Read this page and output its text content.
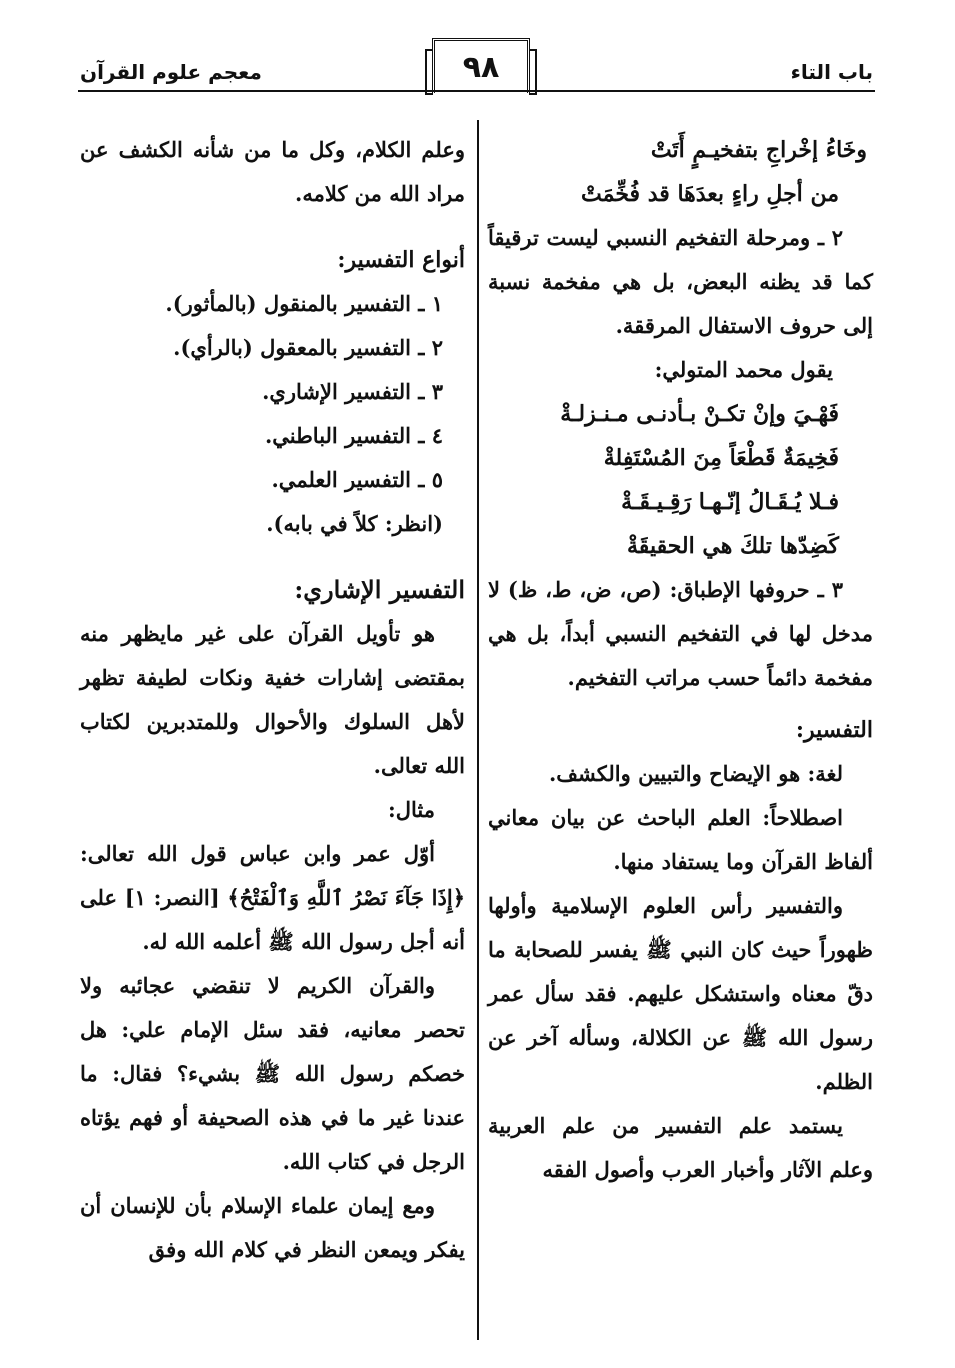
باب التاء
٩٨
معجم علوم القرآن

وخَاءُ إخْراجِ بتفخيـمٍ أَتَتْ

من أجلِ راءٍ بعدَهَا قد فُخِّمَتْ

٢ ـ ومرحلة التفخيم النسبي ليست ترقيقاً كما قد يظنه البعض، بل هي مفخمة نسبة إلى حروف الاستفال المرققة.

يقول محمد المتولي:

فَهْـيَ وإنْ تكـنْ بـأدنـى مـنـزلـةْ

فَخِيمَةٌ قَطْعَاً مِنَ المُسْتَفِلةْ

فـلا يُـقَـالُ إنّـهـا رَقِـيـقَـةْ

كَضِدّها تلكَ هي الحقيقَةْ

٣ ـ حروفها الإطباق: (ص، ض، ط، ظ) لا مدخل لها في التفخيم النسبي أبداً، بل هي مفخمة دائماً حسب مراتب التفخيم.

التفسير:

لغة: هو الإيضاح والتبيين والكشف.

اصطلاحاً: العلم الباحث عن بيان معاني ألفاظ القرآن وما يستفاد منها.

والتفسير رأس العلوم الإسلامية وأولها ظهوراً حيث كان النبي ﷺ يفسر للصحابة ما دقّ معناه واستشكل عليهم. فقد سأل عمر رسول الله ﷺ عن الكلالة، وسأله آخر عن الظلم.

يستمد علم التفسير من علم العربية وعلم الآثار وأخبار العرب وأصول الفقه

وعلم الكلام، وكل ما من شأنه الكشف عن مراد الله من كلامه.

أنواع التفسير:

١ ـ التفسير بالمنقول (بالمأثور).

٢ ـ التفسير بالمعقول (بالرأي).

٣ ـ التفسير الإشاري.

٤ ـ التفسير الباطني.

٥ ـ التفسير العلمي.

(انظر: كلاً في بابه).

التفسير الإشاري:

هو تأويل القرآن على غير مايظهر منه بمقتضى إشارات خفية ونكات لطيفة تظهر لأهل السلوك والأحوال وللمتدبرين لكتاب الله تعالى.

مثال:

أوّل عمر وابن عباس قول الله تعالى: ﴿إِذَا جَآءَ نَصْرُ ٱللَّهِ وَٱلْفَتْحُ﴾ [النصر: ١] على أنه أجل رسول الله ﷺ أعلمه الله له.

والقرآن الكريم لا تنقضي عجائبه ولا تحصر معانيه، فقد سئل الإمام علي: هل خصكم رسول الله ﷺ بشيء؟ فقال: ما عندنا غير ما في هذه الصحيفة أو فهم يؤتاه الرجل في كتاب الله.

ومع إيمان علماء الإسلام بأن للإنسان أن يفكر ويمعن النظر في كلام الله وفق
